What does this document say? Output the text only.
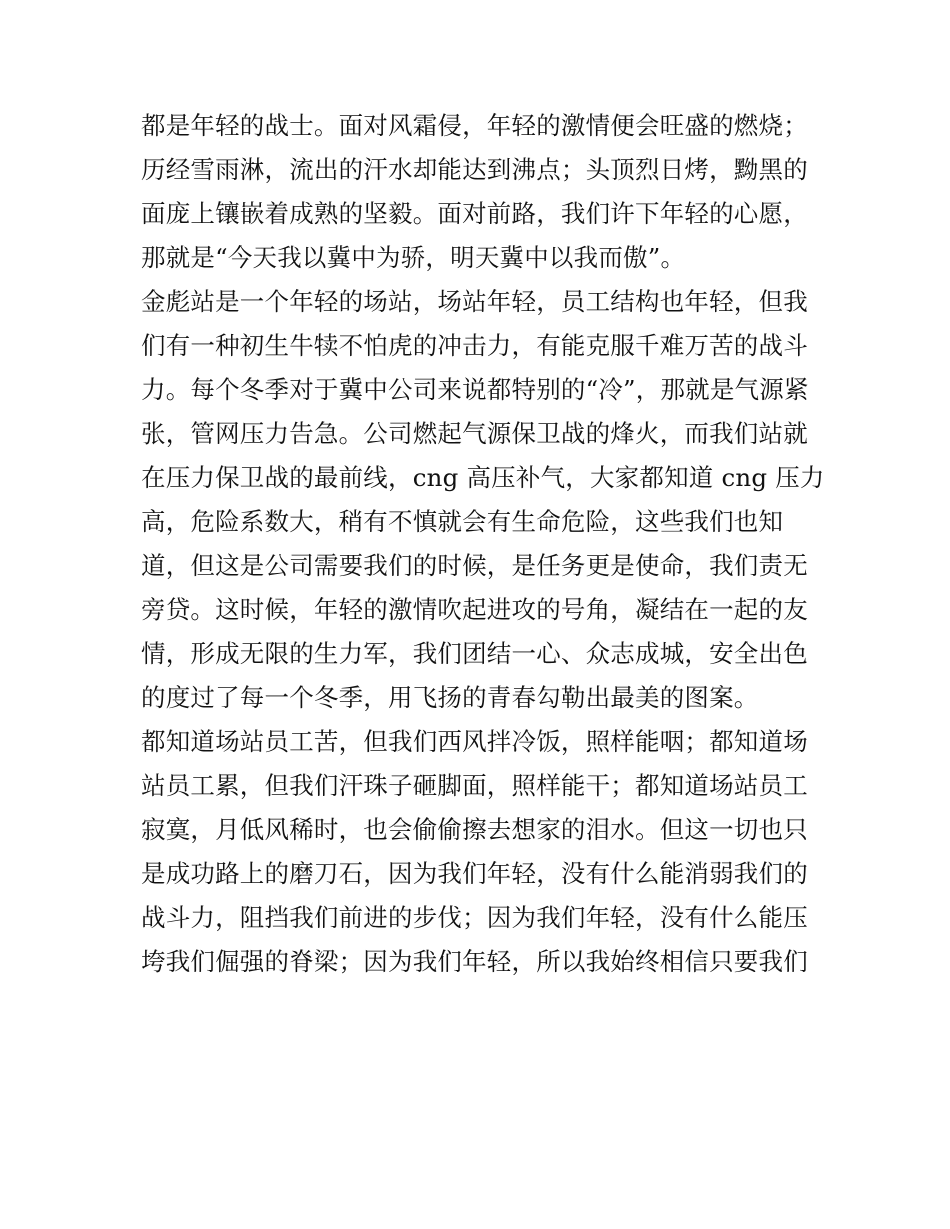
都是年轻的战士。面对风霜侵，年轻的激情便会旺盛的燃烧；
历经雪雨淋，流出的汗水却能达到沸点；头顶烈日烤，黝黑的
面庞上镶嵌着成熟的坚毅。面对前路，我们许下年轻的心愿，
那就是“今天我以冀中为骄，明天冀中以我而傲”。
金彪站是一个年轻的场站，场站年轻，员工结构也年轻，但我
们有一种初生牛犊不怕虎的冲击力，有能克服千难万苦的战斗
力。每个冬季对于冀中公司来说都特别的“冷”，那就是气源紧
张，管网压力告急。公司燃起气源保卫战的烽火，而我们站就
在压力保卫战的最前线，cng 高压补气，大家都知道 cng 压力
高，危险系数大，稍有不慎就会有生命危险，这些我们也知
道，但这是公司需要我们的时候，是任务更是使命，我们责无
旁贷。这时候，年轻的激情吹起进攻的号角，凝结在一起的友
情，形成无限的生力军，我们团结一心、众志成城，安全出色
的度过了每一个冬季，用飞扬的青春勾勒出最美的图案。
都知道场站员工苦，但我们西风拌冷饭，照样能咽；都知道场
站员工累，但我们汗珠子砸脚面，照样能干；都知道场站员工
寂寞，月低风稀时，也会偷偷擦去想家的泪水。但这一切也只
是成功路上的磨刀石，因为我们年轻，没有什么能消弱我们的
战斗力，阻挡我们前进的步伐；因为我们年轻，没有什么能压
垮我们倔强的脊梁；因为我们年轻，所以我始终相信只要我们
